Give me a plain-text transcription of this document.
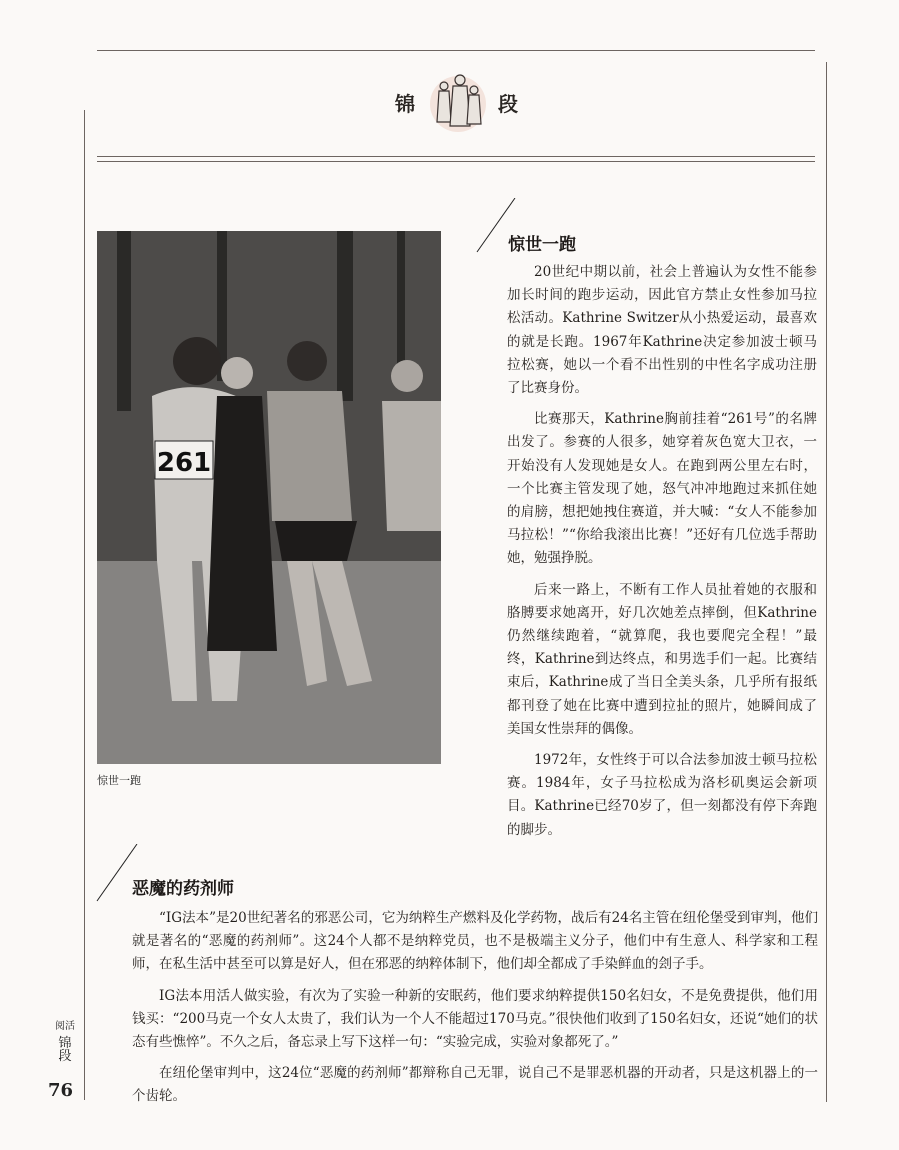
锦	段
261
惊世一跑
惊世一跑

20世纪中期以前，社会上普遍认为女性不能参加长时间的跑步运动，因此官方禁止女性参加马拉松活动。Kathrine Switzer从小热爱运动，最喜欢的就是长跑。1967年Kathrine决定参加波士顿马拉松赛，她以一个看不出性别的中性名字成功注册了比赛身份。

比赛那天，Kathrine胸前挂着“261号”的名牌出发了。参赛的人很多，她穿着灰色宽大卫衣，一开始没有人发现她是女人。在跑到两公里左右时，一个比赛主管发现了她，怒气冲冲地跑过来抓住她的肩膀，想把她拽住赛道，并大喊：“女人不能参加马拉松！”“你给我滚出比赛！”还好有几位选手帮助她，勉强挣脱。

后来一路上，不断有工作人员扯着她的衣服和胳膊要求她离开，好几次她差点摔倒，但Kathrine仍然继续跑着，“就算爬，我也要爬完全程！”最终，Kathrine到达终点，和男选手们一起。比赛结束后，Kathrine成了当日全美头条，几乎所有报纸都刊登了她在比赛中遭到拉扯的照片，她瞬间成了美国女性崇拜的偶像。

1972年，女性终于可以合法参加波士顿马拉松赛。1984年，女子马拉松成为洛杉矶奥运会新项目。Kathrine已经70岁了，但一刻都没有停下奔跑的脚步。

恶魔的药剂师

“IG法本”是20世纪著名的邪恶公司，它为纳粹生产燃料及化学药物，战后有24名主管在纽伦堡受到审判，他们就是著名的“恶魔的药剂师”。这24个人都不是纳粹党员，也不是极端主义分子，他们中有生意人、科学家和工程师，在私生活中甚至可以算是好人，但在邪恶的纳粹体制下，他们却全都成了手染鲜血的刽子手。

IG法本用活人做实验，有次为了实验一种新的安眠药，他们要求纳粹提供150名妇女，不是免费提供，他们用钱买：“200马克一个女人太贵了，我们认为一个人不能超过170马克。”很快他们收到了150名妇女，还说“她们的状态有些憔悴”。不久之后，备忘录上写下这样一句：“实验完成，实验对象都死了。”

在纽伦堡审判中，这24位“恶魔的药剂师”都辩称自己无罪，说自己不是罪恶机器的开动者，只是这机器上的一个齿轮。

阅活
锦段
76
